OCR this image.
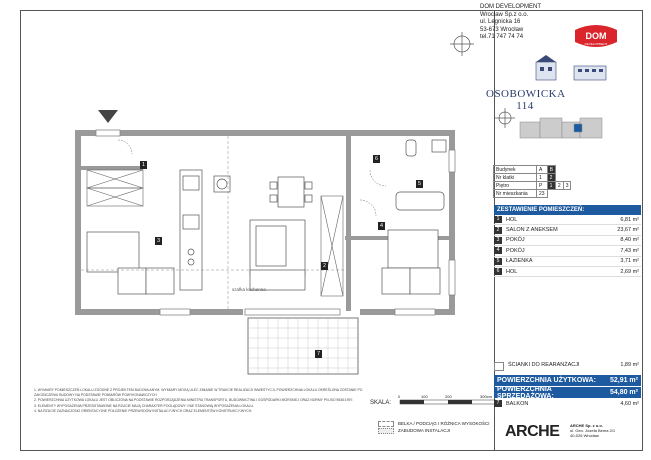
1
2
3
4
5
6
7
szafka kuchenna
DOM DEVELOPMENT
Wrocław Sp.z o.o.
ul. Legnicka 16
53-673 Wrocław
tel.71 747 74 74	DOM
DEVELOPMENT
OSOBOWICKA 114
Budynek	A	B		
Nr klatki	1	2		
Piętro	P	1	2	3
Nr mieszkania	23			
ZESTAWIENIE POMIESZCZEŃ:
1	HOL	6,81 m²
2	SALON Z ANEKSEM	23,67 m²
3	POKÓJ	8,40 m²
4	POKÓJ	7,43 m²
5	ŁAZIENKA	3,71 m²
6	HOL	2,69 m²
ŚCIANKI DO REARANŻACJI	1,89 m²
POWIERZCHNIA UŻYTKOWA:	52,91 m²
POWIERZCHNIA SPRZEDAŻOWA:	54,80 m²
7	BALKON	4,60 m²
SKALA:
0	100	200	300cm
BELKA / PODCIĄG I RÓŻNICA WYSOKOŚCI
ZABUDOWA INSTALACJI

1. WYMIARY POMIESZCZEŃ LOKALU ZGODNE Z PROJEKTEM BUDOWLANYM. WYMIARY MOGĄ ULEC ZMIANIE W TRAKCIE REALIZACJI INWESTYCJI. POWIERZCHNIA LOKALU OKREŚLONA ZOSTANIE PO ZAKOŃCZENIU BUDOWY NA PODSTAWIE POMIARÓW POWYKONAWCZYCH.

2. POWIERZCHNIA UŻYTKOWA LOKALU JEST OBLICZONA NA PODSTAWIE ROZPORZĄDZENIA MINISTRA TRANSPORTU, BUDOWNICTWA I GOSPODARKI MORSKIEJ ORAZ NORMY PN-ISO 9836:1997.

3. ELEMENTY WYPOSAŻENIA PRZEDSTAWIONE NA RZUCIE MAJĄ CHARAKTER POGLĄDOWY I NIE STANOWIĄ WYPOSAŻENIA LOKALU.

4. NA RZUCIE ZAZNACZONO ORIENTACYJNE POŁOŻENIE PRZEWODÓW INSTALACYJNYCH ORAZ ELEMENTÓW KONSTRUKCYJNYCH.

ARCHE	ARCHE Sp. z o.o.
ul. Gen. Józefa Bema 2/1
40-026 Wrocław
